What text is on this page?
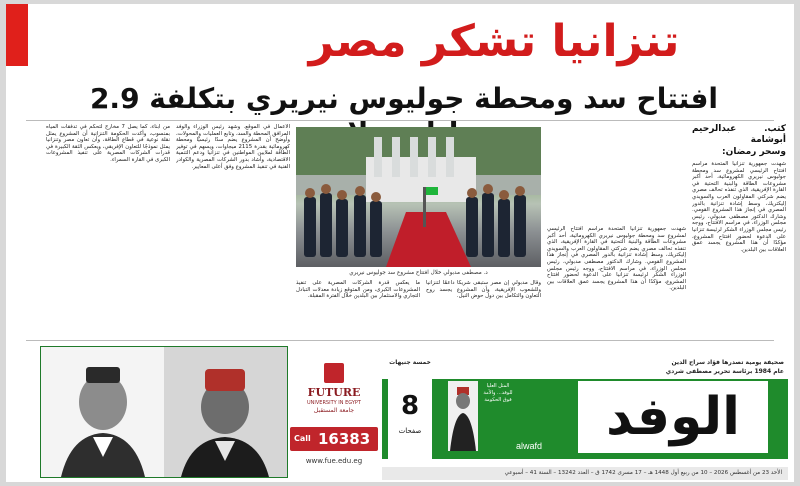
تنزانيا تشكر مصر
افتتاح سد ومحطة جوليوس نيريري بتكلفة 2.9
كتب. عبدالرحيم أبوشامة
وسحر رمضان:
شهدت جمهورية تنزانيا المتحدة مراسم افتتاح الرئيسي لمشروع سد ومحطة جوليوس نيريري الكهرومائية، أحد أكبر مشروعات الطاقة والبنية التحتية في القارة الإفريقية، الذي تنفذه تحالف مصري يضم شركتي المقاولون العرب والسويدي إليكتريك، وسط إشادة تنزانية بالدور المصري في إنجاز هذا المشروع القومي. وشارك الدكتور مصطفى مدبولي، رئيس مجلس الوزراء، في مراسم الافتتاح، ووجه رئيس مجلس الوزراء الشكر لرئيسة تنزانيا على الدعوة لحضور افتتاح المشروع، مؤكدًا أن هذا المشروع يجسد عمق العلاقات بين البلدين.
د. مصطفى مدبولي خلال افتتاح مشروع سد جوليوس نيريري
الأعمال في الموقع. وشهد رئيس الوزراء والوفد المرافق المحطة والسد، وتابع العمليات والمحولات، وأوضح أن المشروع يضم سدًا رئيسيًا ومحطة كهرومائية بقدرة 2115 ميجاوات، ويسهم في توفير الطاقة لملايين المواطنين في تنزانيا ودعم التنمية الاقتصادية، وأشاد بدور الشركات المصرية والكوادر الفنية في تنفيذ المشروع وفق أعلى المعايير.
من أبناء، كما يصل 7 مخارج لتحكم في تدفقات المياه بمنسوب، وأكدت الحكومة التنزانية أن المشروع يمثل نقلة نوعية في قطاع الطاقة، وأن تعاون مصر وتنزانيا يمثل نموذجًا للتعاون الإفريقي، ويعكس الثقة الكبيرة في قدرات الشركات المصرية على تنفيذ المشروعات الكبرى في القارة السمراء.
وقال مدبولي إن مصر ستبقى شريكًا داعمًا لتنزانيا وللشعوب الإفريقية، وأن المشروع يجسد روح التعاون والتكامل بين دول حوض النيل.
ما يعكس قدرة الشركات المصرية على تنفيذ المشروعات الكبرى، ومن المتوقع زيادة معدلات التبادل التجاري والاستثمار بين البلدين خلال الفترة المقبلة.
شهدت جمهورية تنزانيا المتحدة مراسم افتتاح الرئيسي لمشروع سد ومحطة جوليوس نيريري الكهرومائية، أحد أكبر مشروعات الطاقة والبنية التحتية في القارة الإفريقية، الذي تنفذه تحالف مصري يضم شركتي المقاولون العرب والسويدي إليكتريك، وسط إشادة تنزانية بالدور المصري في إنجاز هذا المشروع القومي. وشارك الدكتور مصطفى مدبولي، رئيس مجلس الوزراء، في مراسم الافتتاح، ووجه رئيس مجلس الوزراء الشكر لرئيسة تنزانيا على الدعوة لحضور افتتاح المشروع، مؤكدًا أن هذا المشروع يجسد عمق العلاقات بين البلدين.
FUTURE
UNIVERSITY IN EGYPT
جامعة المستقبل
Call 16383
www.fue.edu.eg
صحيفة يومية تصدرها فؤاد سراج الدين
عام 1984 برئاسة تحرير مصطفى شردي
خمسة جنيهات
8
صفحات	الوفد
alwafd
المثل العليا للوفد... والأمة فوق الحكومة
الأحد 23 من أغسطس 2026 – 10 من ربيع أول 1448 هـ – 17 مسرى 1742 ق – العدد 13242 – السنة 41 – أسبوعي
